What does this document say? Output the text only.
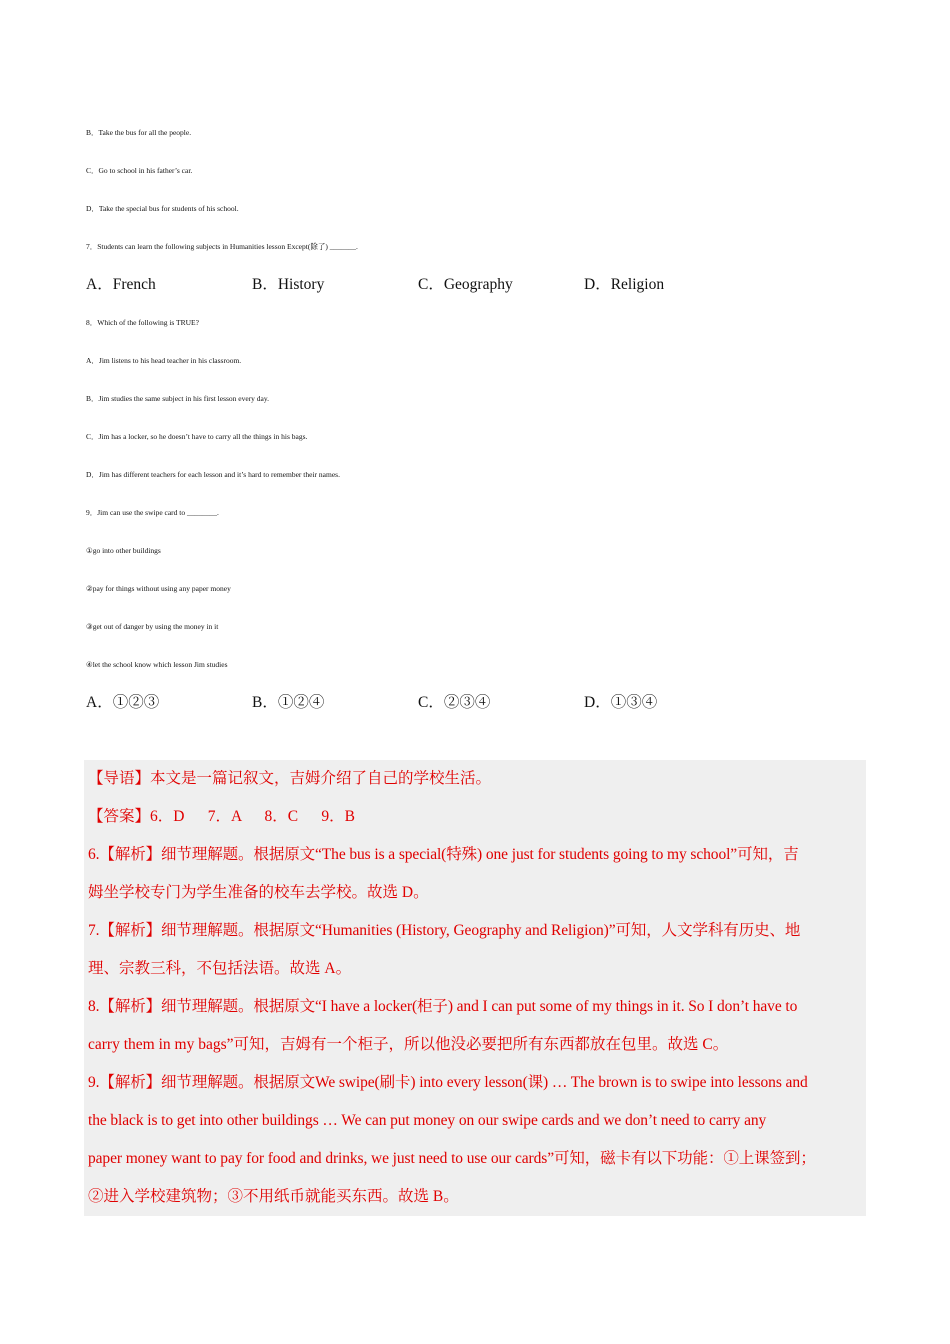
B．Take the bus for all the people.
C．Go to school in his father’s car.
D．Take the special bus for students of his school.
7．Students can learn the following subjects in Humanities lesson Except(除了) _______.
A．French	B．History	C．Geography	D．Religion
8．Which of the following is TRUE?
A．Jim listens to his head teacher in his classroom.
B．Jim studies the same subject in his first lesson every day.
C．Jim has a locker, so he doesn’t have to carry all the things in his bags.
D．Jim has different teachers for each lesson and it’s hard to remember their names.
9．Jim can use the swipe card to ________.
①go into other buildings
②pay for things without using any paper money
③get out of danger by using the money in it
④let the school know which lesson Jim studies
A．①②③	B．①②④	C．②③④	D．①③④
【导语】本文是一篇记叙文，吉姆介绍了自己的学校生活。
【答案】6．D      7．A      8．C      9．B
6.【解析】细节理解题。根据原文“The bus is a special(特殊) one just for students going to my school”可知，吉
姆坐学校专门为学生准备的校车去学校。故选 D。
7.【解析】细节理解题。根据原文“Humanities (History, Geography and Religion)”可知，人文学科有历史、地
理、宗教三科，不包括法语。故选 A。
8.【解析】细节理解题。根据原文“I have a locker(柜子) and I can put some of my things in it. So I don’t have to
carry them in my bags”可知，吉姆有一个柜子，所以他没必要把所有东西都放在包里。故选 C。
9.【解析】细节理解题。根据原文We swipe(刷卡) into every lesson(课) … The brown is to swipe into lessons and
the black is to get into other buildings … We can put money on our swipe cards and we don’t need to carry any
paper money want to pay for food and drinks, we just need to use our cards”可知，磁卡有以下功能：①上课签到；
②进入学校建筑物；③不用纸币就能买东西。故选 B。
